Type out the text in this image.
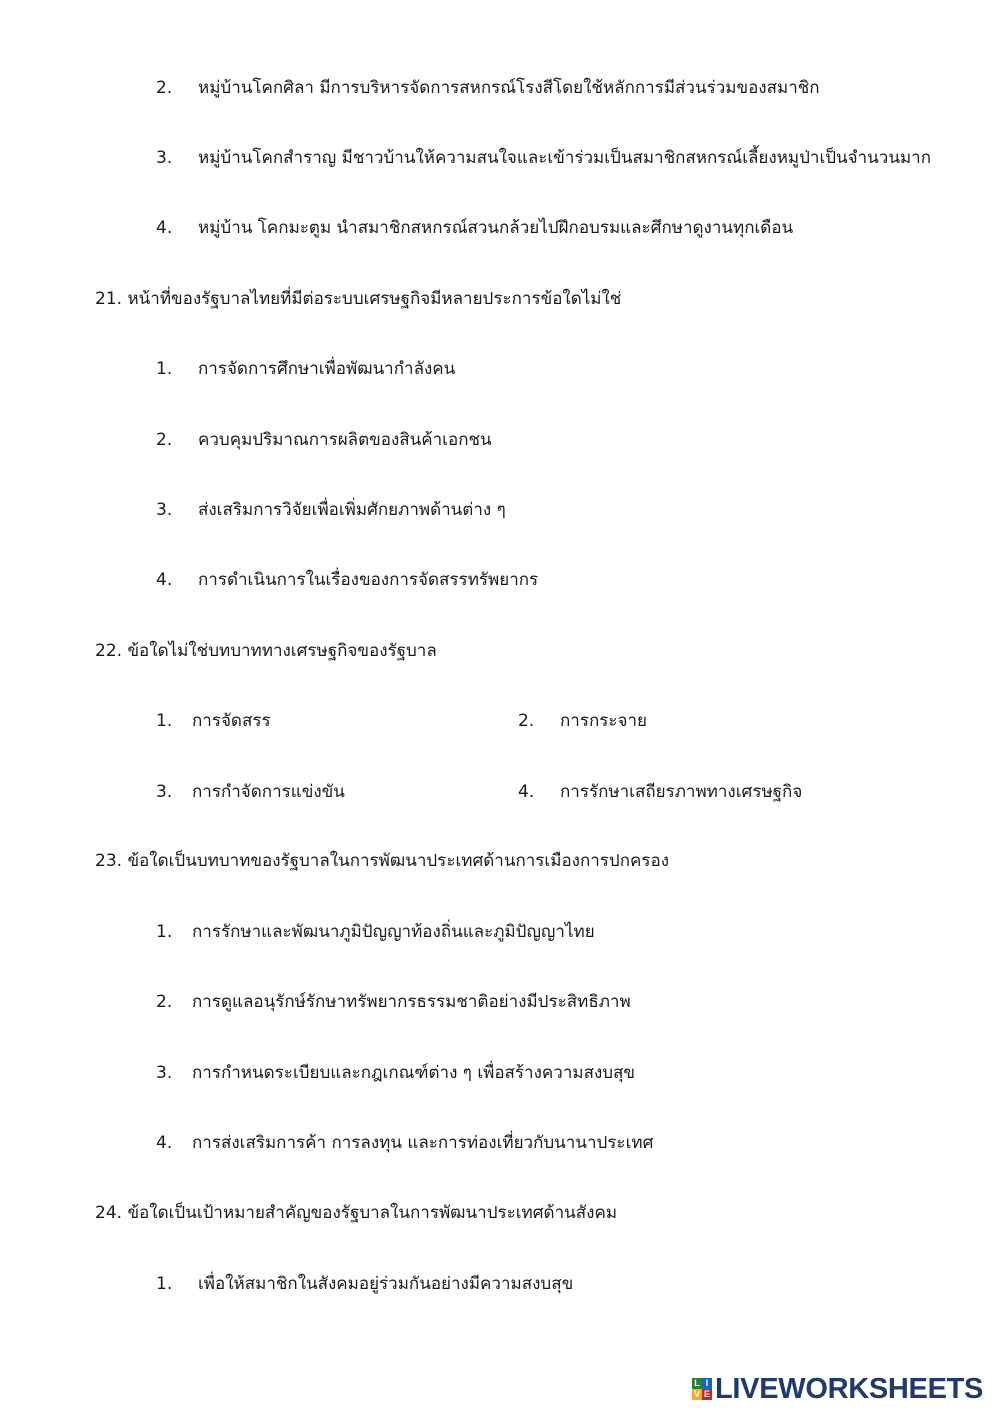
2. หมู่บ้านโคกศิลา มีการบริหารจัดการสหกรณ์โรงสีโดยใช้หลักการมีส่วนร่วมของสมาชิก
3. หมู่บ้านโคกสำราญ มีชาวบ้านให้ความสนใจและเข้าร่วมเป็นสมาชิกสหกรณ์เลี้ยงหมูป่าเป็นจำนวนมาก
4. หมู่บ้าน โคกมะตูม นำสมาชิกสหกรณ์สวนกล้วยไปฝึกอบรมและศึกษาดูงานทุกเดือน
21. หน้าที่ของรัฐบาลไทยที่มีต่อระบบเศรษฐกิจมีหลายประการข้อใดไม่ใช่
1. การจัดการศึกษาเพื่อพัฒนากำลังคน
2. ควบคุมปริมาณการผลิตของสินค้าเอกชน
3. ส่งเสริมการวิจัยเพื่อเพิ่มศักยภาพด้านต่าง ๆ
4. การดำเนินการในเรื่องของการจัดสรรทรัพยากร
22. ข้อใดไม่ใช่บทบาททางเศรษฐกิจของรัฐบาล
1. การจัดสรร	2. การกระจาย
3. การกำจัดการแข่งขัน	4. การรักษาเสถียรภาพทางเศรษฐกิจ
23. ข้อใดเป็นบทบาทของรัฐบาลในการพัฒนาประเทศด้านการเมืองการปกครอง
1. การรักษาและพัฒนาภูมิปัญญาท้องถิ่นและภูมิปัญญาไทย
2. การดูแลอนุรักษ์รักษาทรัพยากรธรรมชาติอย่างมีประสิทธิภาพ
3. การกำหนดระเบียบและกฎเกณฑ์ต่าง ๆ เพื่อสร้างความสงบสุข
4. การส่งเสริมการค้า การลงทุน และการท่องเที่ยวกับนานาประเทศ
24. ข้อใดเป็นเป้าหมายสำคัญของรัฐบาลในการพัฒนาประเทศด้านสังคม
1. เพื่อให้สมาชิกในสังคมอยู่ร่วมกันอย่างมีความสงบสุข
L I
V E LIVEWORKSHEETS
